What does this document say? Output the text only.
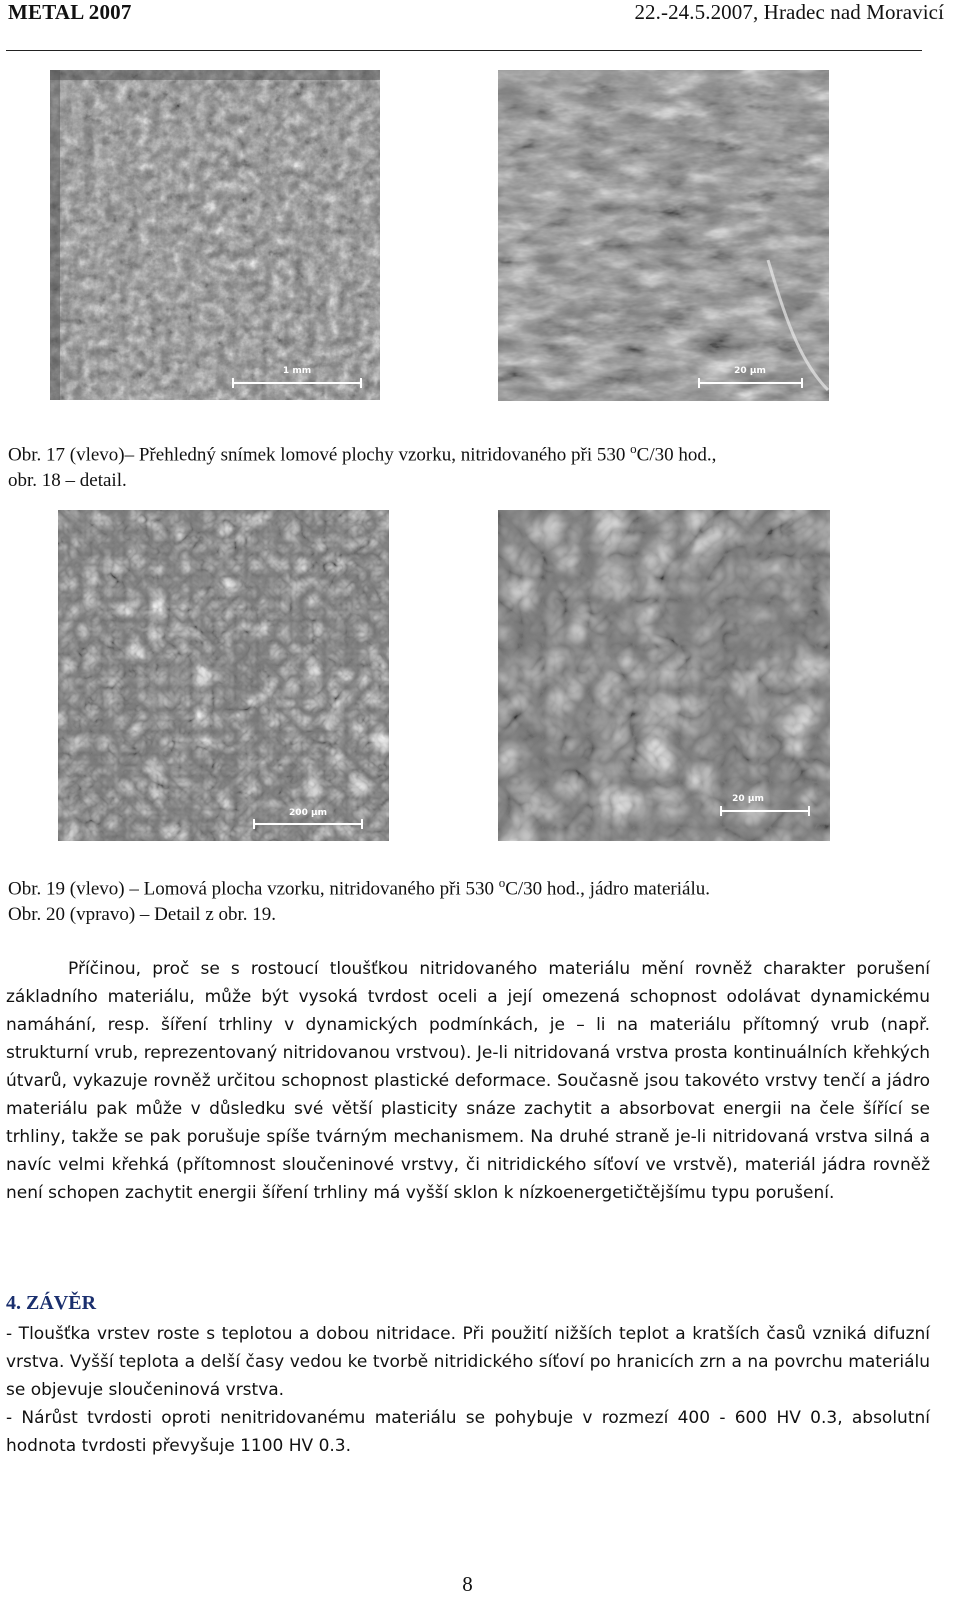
METAL 2007	22.-24.5.2007, Hradec nad Moravicí
1 mm	20 µm
Obr. 17 (vlevo)– Přehledný snímek lomové plochy vzorku, nitridovaného při 530 $^o$C/30 hod.,
obr. 18 – detail.
200 µm
20 µm
Obr. 19 (vlevo) – Lomová plocha vzorku, nitridovaného při 530 $^o$C/30 hod., jádro materiálu.
Obr. 20 (vpravo) – Detail z obr. 19.

Příčinou, proč se s rostoucí tloušťkou nitridovaného materiálu mění rovněž charakter porušení základního materiálu, může být vysoká tvrdost oceli a její omezená schopnost odolávat dynamickému namáhání, resp. šíření trhliny v dynamických podmínkách, je – li na materiálu přítomný vrub (např. strukturní vrub, reprezentovaný nitridovanou vrstvou). Je-li nitridovaná vrstva prosta kontinuálních křehkých útvarů, vykazuje rovněž určitou schopnost plastické deformace. Současně jsou takovéto vrstvy tenčí a jádro materiálu pak může v důsledku své větší plasticity snáze zachytit a absorbovat energii na čele šířící se trhliny, takže se pak porušuje spíše tvárným mechanismem. Na druhé straně je-li nitridovaná vrstva silná a navíc velmi křehká (přítomnost sloučeninové vrstvy, či nitridického síťoví ve vrstvě), materiál jádra rovněž není schopen zachytit energii šíření trhliny má vyšší sklon k nízkoenergetičtějšímu typu porušení.

4. ZÁVĚR

- Tloušťka vrstev roste s teplotou a dobou nitridace. Při použití nižších teplot a kratších časů vzniká difuzní vrstva. Vyšší teplota a delší časy vedou ke tvorbě nitridického síťoví po hranicích zrn a na povrchu materiálu se objevuje sloučeninová vrstva.

- Nárůst tvrdosti oproti nenitridovanému materiálu se pohybuje v rozmezí 400 - 600 HV 0.3, absolutní hodnota tvrdosti převyšuje 1100 HV 0.3.

8
